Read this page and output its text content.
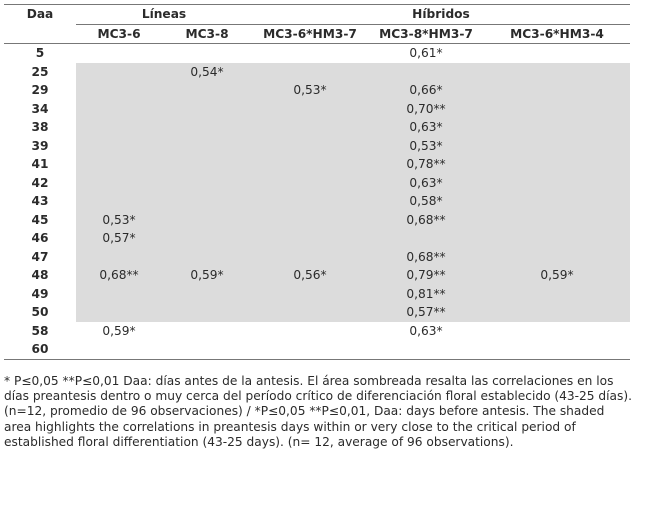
Daa	Líneas		Híbridos		
	MC3-6	MC3-8	MC3-6*HM3-7	MC3-8*HM3-7	MC3-6*HM3-4
5				0,61*	
25		0,54*			
29			0,53*	0,66*	
34				0,70**	
38				0,63*	
39				0,53*	
41				0,78**	
42				0,63*	
43				0,58*	
45	0,53*			0,68**	
46	0,57*				
47				0,68**	
48	0,68**	0,59*	0,56*	0,79**	0,59*
49				0,81**	
50				0,57**	
58	0,59*			0,63*	
60					
* P≤0,05 **P≤0,01 Daa: días antes de la antesis. El área sombreada resalta las correlaciones en los días preantesis dentro o muy cerca del período crítico de diferenciación floral establecido (43-25 días). (n=12, promedio de 96 observaciones) / *P≤0,05 **P≤0,01, Daa: days before antesis. The shaded area highlights the correlations in preantesis days within or very close to the critical period of established floral differentiation (43-25 days). (n= 12, average of 96 observations).
